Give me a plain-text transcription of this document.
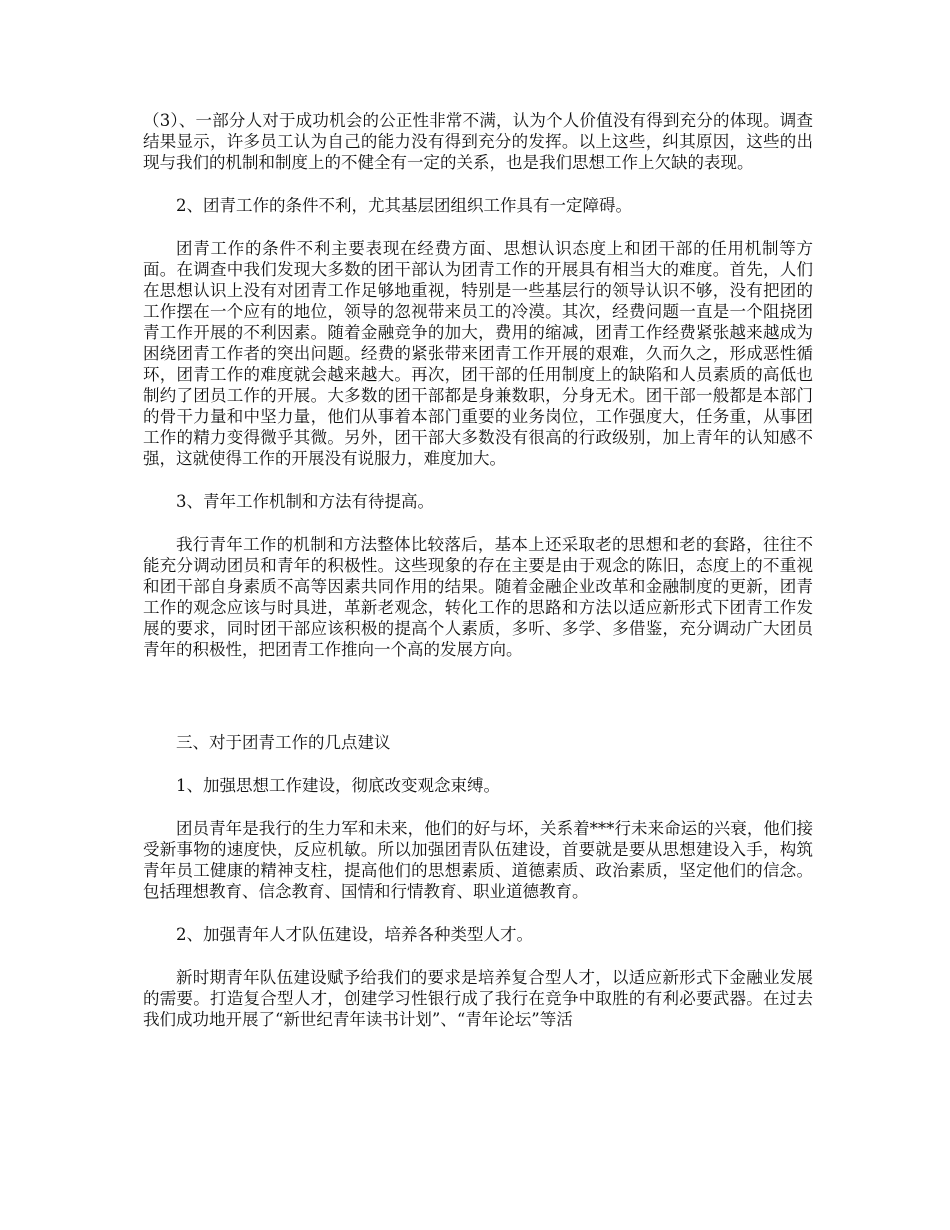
（3）、一部分人对于成功机会的公正性非常不满，认为个人价值没有得到充分的体现。调查结果显示，许多员工认为自己的能力没有得到充分的发挥。以上这些，纠其原因，这些的出现与我们的机制和制度上的不健全有一定的关系，也是我们思想工作上欠缺的表现。

2、团青工作的条件不利，尤其基层团组织工作具有一定障碍。

团青工作的条件不利主要表现在经费方面、思想认识态度上和团干部的任用机制等方面。在调查中我们发现大多数的团干部认为团青工作的开展具有相当大的难度。首先，人们在思想认识上没有对团青工作足够地重视，特别是一些基层行的领导认识不够，没有把团的工作摆在一个应有的地位，领导的忽视带来员工的冷漠。其次，经费问题一直是一个阻挠团青工作开展的不利因素。随着金融竞争的加大，费用的缩减，团青工作经费紧张越来越成为困绕团青工作者的突出问题。经费的紧张带来团青工作开展的艰难，久而久之，形成恶性循环，团青工作的难度就会越来越大。再次，团干部的任用制度上的缺陷和人员素质的高低也制约了团员工作的开展。大多数的团干部都是身兼数职，分身无术。团干部一般都是本部门的骨干力量和中坚力量，他们从事着本部门重要的业务岗位，工作强度大，任务重，从事团工作的精力变得微乎其微。另外，团干部大多数没有很高的行政级别，加上青年的认知感不强，这就使得工作的开展没有说服力，难度加大。

3、青年工作机制和方法有待提高。

我行青年工作的机制和方法整体比较落后，基本上还采取老的思想和老的套路，往往不能充分调动团员和青年的积极性。这些现象的存在主要是由于观念的陈旧，态度上的不重视和团干部自身素质不高等因素共同作用的结果。随着金融企业改革和金融制度的更新，团青工作的观念应该与时具进，革新老观念，转化工作的思路和方法以适应新形式下团青工作发展的要求，同时团干部应该积极的提高个人素质，多听、多学、多借鉴，充分调动广大团员青年的积极性，把团青工作推向一个高的发展方向。

三、对于团青工作的几点建议

1、加强思想工作建设，彻底改变观念束缚。

团员青年是我行的生力军和未来，他们的好与坏，关系着***行未来命运的兴衰，他们接受新事物的速度快，反应机敏。所以加强团青队伍建设，首要就是要从思想建设入手，构筑青年员工健康的精神支柱，提高他们的思想素质、道德素质、政治素质，坚定他们的信念。包括理想教育、信念教育、国情和行情教育、职业道德教育。

2、加强青年人才队伍建设，培养各种类型人才。

新时期青年队伍建设赋予给我们的要求是培养复合型人才，以适应新形式下金融业发展的需要。打造复合型人才，创建学习性银行成了我行在竞争中取胜的有利必要武器。在过去我们成功地开展了“新世纪青年读书计划”、“青年论坛”等活
